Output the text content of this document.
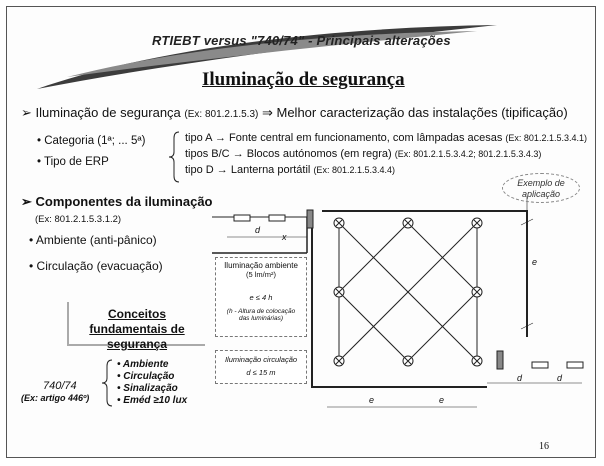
RTIEBT versus "740/74" - Principais alterações
Iluminação de segurança
➢ Iluminação de segurança (Ex: 801.2.1.5.3) ⇒ Melhor caracterização das instalações (tipificação)
• Categoria (1ª; ... 5ª)
• Tipo de ERP
tipo A → Fonte central em funcionamento, com lâmpadas acesas (Ex: 801.2.1.5.3.4.1)
tipos B/C → Blocos autónomos (em regra) (Ex: 801.2.1.5.3.4.2; 801.2.1.5.3.4.3)
tipo D → Lanterna portátil (Ex: 801.2.1.5.3.4.4)
Exemplo de aplicação
➢ Componentes da iluminação
(Ex: 801.2.1.5.3.1.2)
• Ambiente (anti-pânico)
• Circulação (evacuação)
Conceitos fundamentais de segurança
740/74
(Ex: artigo 446º)
• Ambiente
• Circulação
• Sinalização
• Eméd ≥10 lux
Iluminação ambiente
(5 lm/m²)
e ≤ 4 h
(h - Altura de colocação das luminárias)
Iluminação circulação
d ≤ 15 m
d
x
e
d	d
e	e
16
